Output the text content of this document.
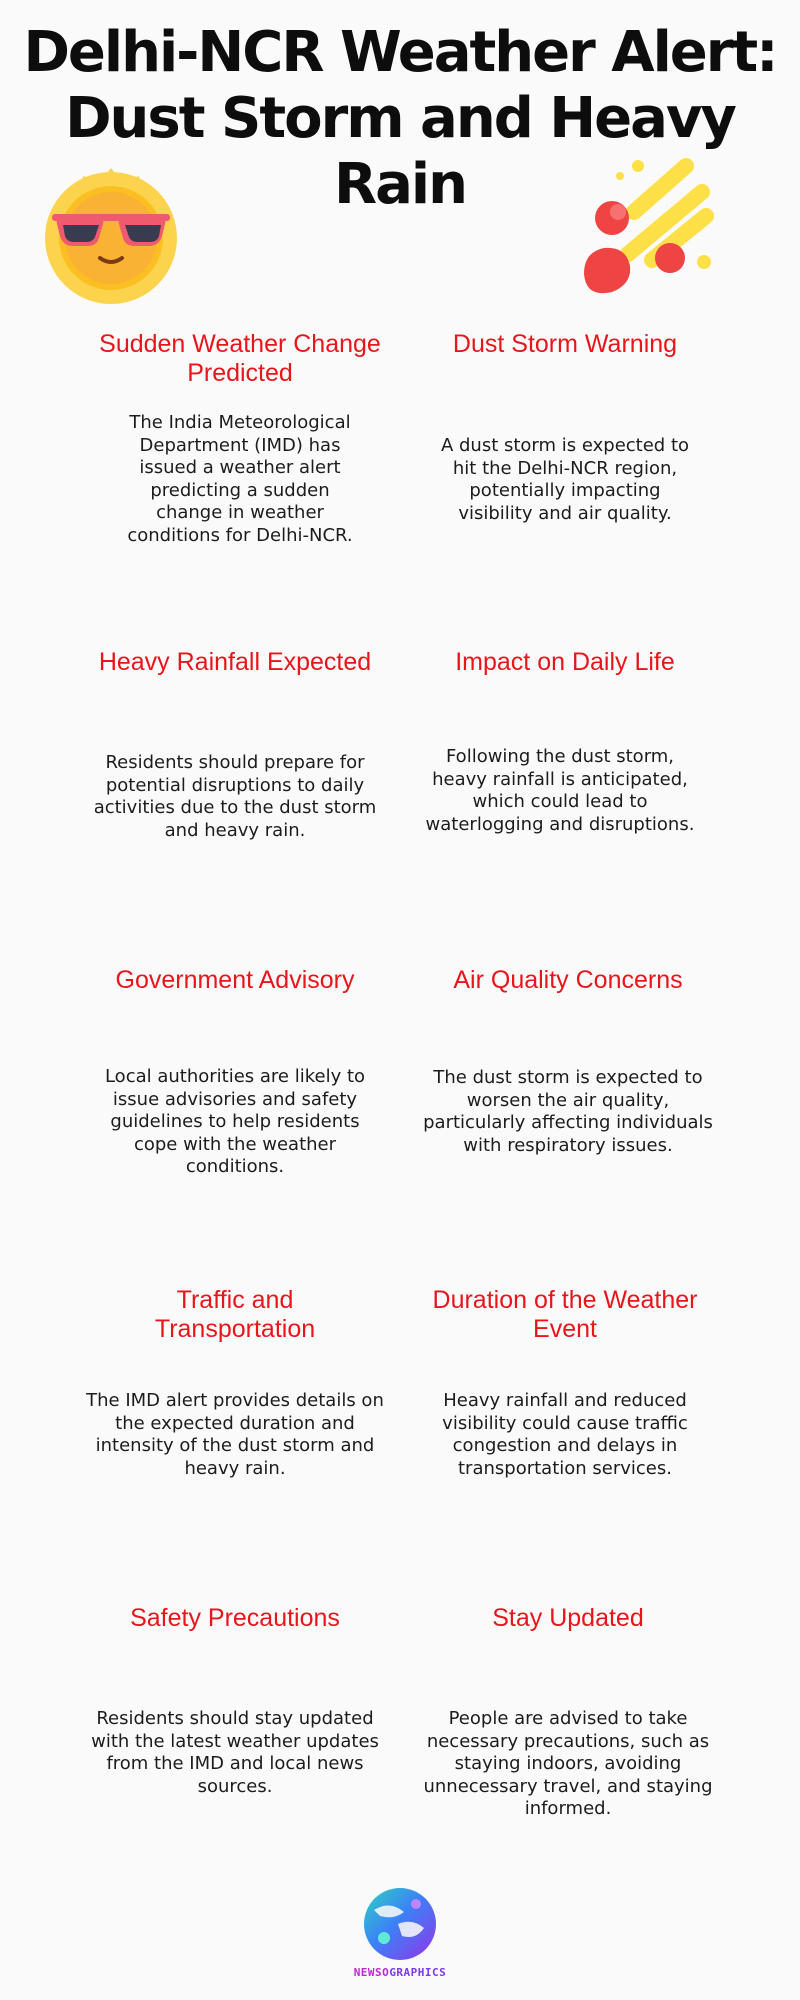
Delhi-NCR Weather Alert:
Dust Storm and Heavy Rain
Sudden Weather Change Predicted

The India Meteorological Department (IMD) has issued a weather alert predicting a sudden change in weather conditions for Delhi-NCR.

Dust Storm Warning

A dust storm is expected to hit the Delhi-NCR region, potentially impacting visibility and air quality.

Heavy Rainfall Expected

Residents should prepare for potential disruptions to daily activities due to the dust storm and heavy rain.

Impact on Daily Life

Following the dust storm, heavy rainfall is anticipated, which could lead to waterlogging and disruptions.

Government Advisory

Local authorities are likely to issue advisories and safety guidelines to help residents cope with the weather conditions.

Air Quality Concerns

The dust storm is expected to worsen the air quality, particularly affecting individuals with respiratory issues.

Traffic and Transportation

The IMD alert provides details on the expected duration and intensity of the dust storm and heavy rain.

Duration of the Weather Event

Heavy rainfall and reduced visibility could cause traffic congestion and delays in transportation services.

Safety Precautions

Residents should stay updated with the latest weather updates from the IMD and local news sources.

Stay Updated

People are advised to take necessary precautions, such as staying indoors, avoiding unnecessary travel, and staying informed.

NEWSOGRAPHICS
